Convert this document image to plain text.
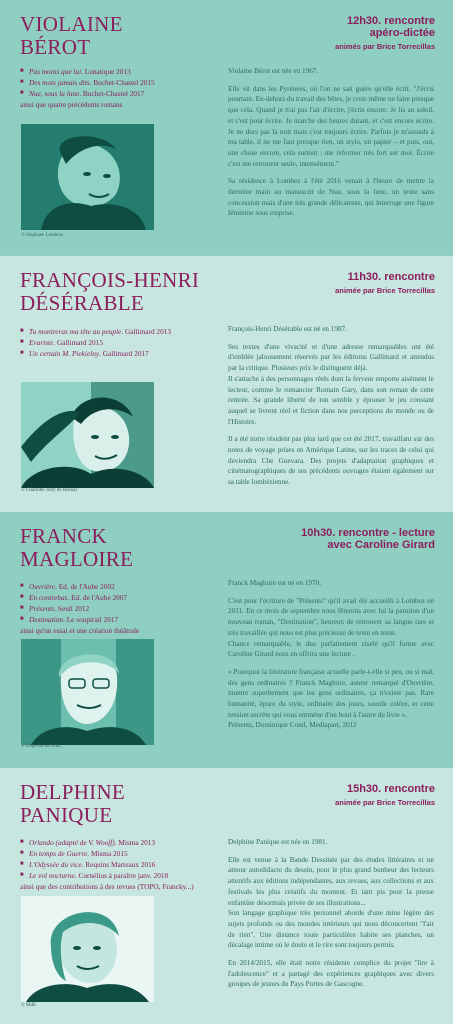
VIOLAINE
BÉROT
12h30. rencontre
apéro-dictée
animés par Brice Torrecillas
■ Pas moins que lui. Lunatique 2013
■ Des mots jamais dits. Buchet-Chastel 2015
■ Nue, sous la lune. Buchet-Chastel 2017
ainsi que quatre précédents romans
© Stéphane Lessieux

Violaine Bérot est née en 1967.

Elle vit dans les Pyrénées, où l'on ne sait guère qu'elle écrit. "J'écris pourtant. En-dehors du travail des bêtes, je crois même ne faire presque que cela. Quand je n'ai pas l'air d'écrire, j'écris encore. Je lis au soleil, et c'est pour écrire. Je marche des heures durant, et c'est encore écrire. Je ne dors pas la nuit mais c'est toujours écrire. Parfois je m'assieds à ma table, il ne me faut presque rien, un stylo, un papier – et puis, oui, une chose encore, cela surtout : me refermer très fort sur moi. Écrire c'est me retrouver seule, intensément."

Sa résidence à Lombez à l'été 2016 venait à l'heure de mettre la dernière main au manuscrit de Nue, sous la lune, un texte sans concession mais d'une très grande délicatesse, qui interroge une figure féminine sous emprise.

FRANÇOIS-HENRI
DÉSÉRABLE
11h30. rencontre
animée par Brice Torrecillas
■ Tu montreras ma tête au peuple. Gallimard 2013
■ Evariste. Gallimard 2015
■ Un certain M. Piekielny. Gallimard 2017
© Charlotte Jolly de Rosnay

François-Henri Désérable est né en 1987.

Ses textes d'une vivacité et d'une adresse remarquables ont été d'emblée jalousement réservés par les éditions Gallimard et attendus par la critique. Plusieurs prix le distinguent déjà.

Il s'attache à des personnages réels dont la ferveur emporte aisément le lecteur, comme le romancier Romain Gary, dans son roman de cette rentrée. Sa grande liberté de ton semble y épouser le jeu constant auquel se livrent réel et fiction dans nos perceptions du monde ou de l'Histoire.

Il a été notre résident pas plus tard que cet été 2017, travaillant sur des notes de voyage prises en Amérique Latine, sur les traces de celui qui deviendra Che Guevara. Des projets d'adaptation graphiques et cinématographiques de ses précédents ouvrages étaient également sur sa table lombézienne.

FRANCK
MAGLOIRE
10h30. rencontre - lecture
avec Caroline Girard
■ Ouvrière. Ed. de l'Aube 2002
■ En contrebas. Ed. de l'Aube 2007
■ Présents. Seuil 2012
■ Destination. Le soupirail 2017
ainsi qu'un essai et une création théâtrale
© Dépêche du Midi

Franck Magloire est né en 1970.

C'est pour l'écriture de "Présents" qu'il avait été accueilli à Lombez en 2011. En ce mois de septembre nous fêterons avec lui la parution d'un nouveau roman, "Destination", heureux de retrouver sa langue rare et très travaillée qui nous est plus précieuse de texte en texte.

Chance remarquable, le duo parfaitement ciselé qu'il forme avec Caroline Girard nous en offrira une lecture .

« Pourquoi la littérature française actuelle parle-t-elle si peu, ou si mal, des gens ordinaires ? Franck Magloire, auteur remarqué d'Ouvrière, montre superbement que les gens ordinaires, ça n'existe pas. Rare humanité, épure du style, ordinaire des jours, sourde colère, et cette tension secrète qui vous emmène d'un bout à l'autre du livre ».

Présents, Dominique Conil, Mediapart, 2012

DELPHINE
PANIQUE
15h30. rencontre
animée par Brice Torrecillas
■ Orlando (adapté de V. Wooff). Misma 2013
■ En temps de Guerre. Misma 2015
■ L'Odyssée du vice. Requins Marteaux 2016
■ Le vol nocturne. Cornélius à paraître janv. 2018
ainsi que des contributions à des revues (TOPO, Francky...)
© MdE

Delphine Panique est née en 1981.

Elle est venue à la Bande Dessinée par des études littéraires et un amour autodidacte du dessin, pour le plus grand bonheur des lecteurs attentifs aux éditions indépendantes, aux revues, aux collections et aux festivals les plus créatifs du moment. Et tant pis pour la presse enfantine désormais privée de ses illustrations...

Son langage graphique très personnel aborde d'une mine légère des sujets profonds ou des mondes intérieurs qui nous déconcertent "l'air de rien". Une distance toute particulière habite ses planches, un décalage intime où le doute et le rire sont toujours permis.

En 2014/2015, elle était notre résidente complice du projet "lire à l'adolescence" et a partagé des expériences graphiques avec divers groupes de jeunes du Pays Portes de Gascogne.
